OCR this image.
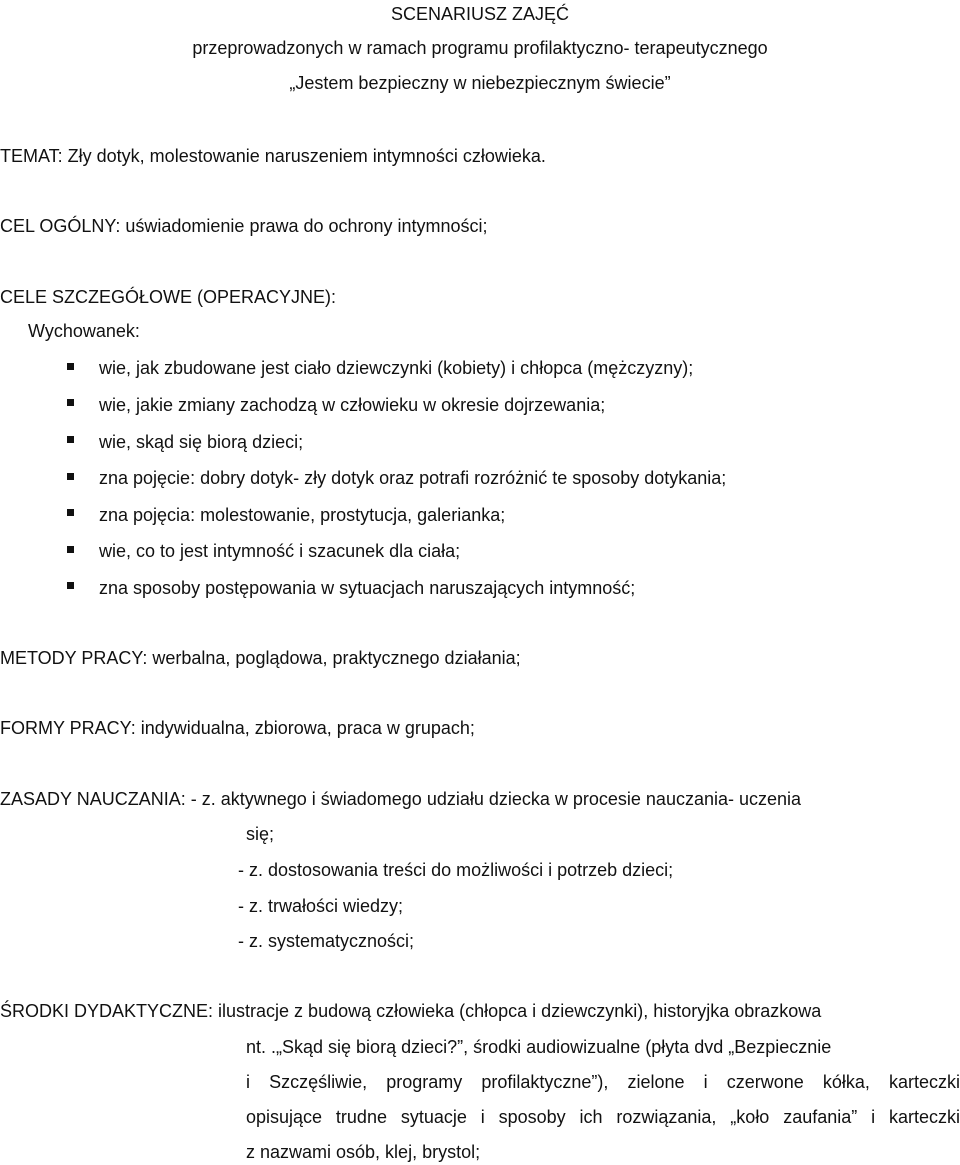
SCENARIUSZ ZAJĘĆ
przeprowadzonych w ramach programu profilaktyczno- terapeutycznego
„Jestem bezpieczny w niebezpiecznym świecie”
TEMAT: Zły dotyk, molestowanie naruszeniem intymności człowieka.
CEL OGÓLNY: uświadomienie prawa do ochrony intymności;
CELE SZCZEGÓŁOWE (OPERACYJNE):
Wychowanek:
wie, jak zbudowane jest ciało dziewczynki (kobiety) i chłopca (mężczyzny);
wie, jakie zmiany zachodzą w człowieku w okresie dojrzewania;
wie, skąd się biorą dzieci;
zna pojęcie: dobry dotyk- zły dotyk oraz potrafi rozróżnić te sposoby dotykania;
zna pojęcia: molestowanie, prostytucja, galerianka;
wie, co to jest intymność i szacunek dla ciała;
zna sposoby postępowania w sytuacjach naruszających intymność;
METODY PRACY: werbalna, poglądowa, praktycznego działania;
FORMY PRACY: indywidualna, zbiorowa, praca w grupach;
ZASADY NAUCZANIA: - z. aktywnego i świadomego udziału dziecka w procesie nauczania- uczenia
się;
- z. dostosowania treści do możliwości i potrzeb dzieci;
- z. trwałości wiedzy;
- z. systematyczności;
ŚRODKI DYDAKTYCZNE: ilustracje z budową człowieka (chłopca i dziewczynki), historyjka obrazkowa
nt. .„Skąd się biorą dzieci?”, środki audiowizualne (płyta dvd „Bezpiecznie
i Szczęśliwie, programy profilaktyczne”), zielone i czerwone kółka, karteczki
opisujące trudne sytuacje i sposoby ich rozwiązania, „koło zaufania” i karteczki
z nazwami osób, klej, brystol;
